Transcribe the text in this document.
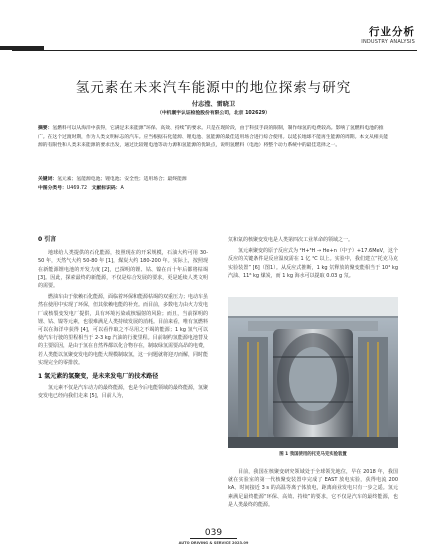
行业分析
INDUSTRY ANALYSIS
氢元素在未来汽车能源中的地位探索与研究
付志滢、雷晓卫
（中机寰宇认证检验股份有限公司，北京 102629）
摘要：氢燃料可以从海洋中获得，它满足未来能源“环保、高效、持续”的要求。只是在现阶段，由于科技手段的限制，制作绿氢的电费较高。影响了氢燃料电池的推广。在这个过渡时期，作为人类文明标志的汽车。应当根据石化能源、锂电池、氢能源的最佳适用场合进行综合使用。以延长地球不能再生能源的周期。本文从相关能源的有限性和人类未来能源的要求出发，通过比较锂电池等动力源和氢能源的优缺点，说明氢燃料（电池）将整个动力系统中的最佳选择之一。
关键词：氢元素；氢能源电池；锂电池；安全性；适用场合；最终能源
中图分类号：U469.72 文献标识码：A
0 引言

地球给人类提供的石化能源，按照现在的开采规模，石油大约可用 30-50 年，天然气大约 50-80 年 [1]，煤炭大约 180-200 年。实际上，按照现在新能源锂电池的开发力度 [2]，已探明的锂、钴、镍在百十年后都将枯竭 [3]。因此，探索最终的新能源，不仅是综合发展的要求，更是延续人类文明的需要。

燃油车由于依赖石化能源，面临着环保和能源枯竭的双重压力；电动车虽然在使用中实现了环保，但其依赖电能的补充。而目前，多数电力由火力发电厂或核裂变发电厂提供，具有环境污染或核辐射的风险；而且，当前探明的锂、钴、镍等元素，也很难满足人类持续发展的消耗。目前来看，唯有氢燃料可以在海洋中获得 [4]，可以看作取之不尽用之不竭的能源；1 kg 氢气可以使汽车行驶的里程相当于 2-3 kg 汽油的行驶里程。目前制约氢能源电池替及的主要原因，是由于氢在自然界都以化合物存在，制取绿氢需要高昂的电费，若人类能以氢聚变发电的电能大规模制取氢，这一问题就将迎刃而解，同时能实现完全的零排放。

1 氢元素的氢聚变，是未来发电厂的技术路径

氢元素不仅是汽车动力的最终能源，也是今后电能领域的最终能源，氢聚变发电已经向我们走来 [5]，目前人为，

氘和氚的核聚变发电是人类第四次工业革命的领域之一。

氢元素聚变的原子反应式为 ²H+³H → He+n（中子）+17.6MeV，这个反应的关键条件是反应温度需在 1 亿 ℃ 以上。实验中，我们建立“托克马克实验装置” [6]（图1）。从反应式推断，1 kg 氘释放的聚变能相当于 10⁴ kg 汽油、11⁶ kg 煤炭，而 1 kg 海水可以提取 0.03 g 氘。

图 1 我国使用的托克马克实验装置

目前，我国在核聚变研究领域处于全球领先地位，早在 2018 年，我国就在实验室的第一代核聚变装置中完成了 EAST 放电实验，获得电流 200 kA、时间接近 3 s 的高温等离子体放电，距离商业发电只有一步之遥。氢元素满足最终能源“环保、高效、持续”的要求，它不仅是汽车的最终能源，也是人类最终的能源。

039
AUTO DRIVING & SERVICE 2023.09
